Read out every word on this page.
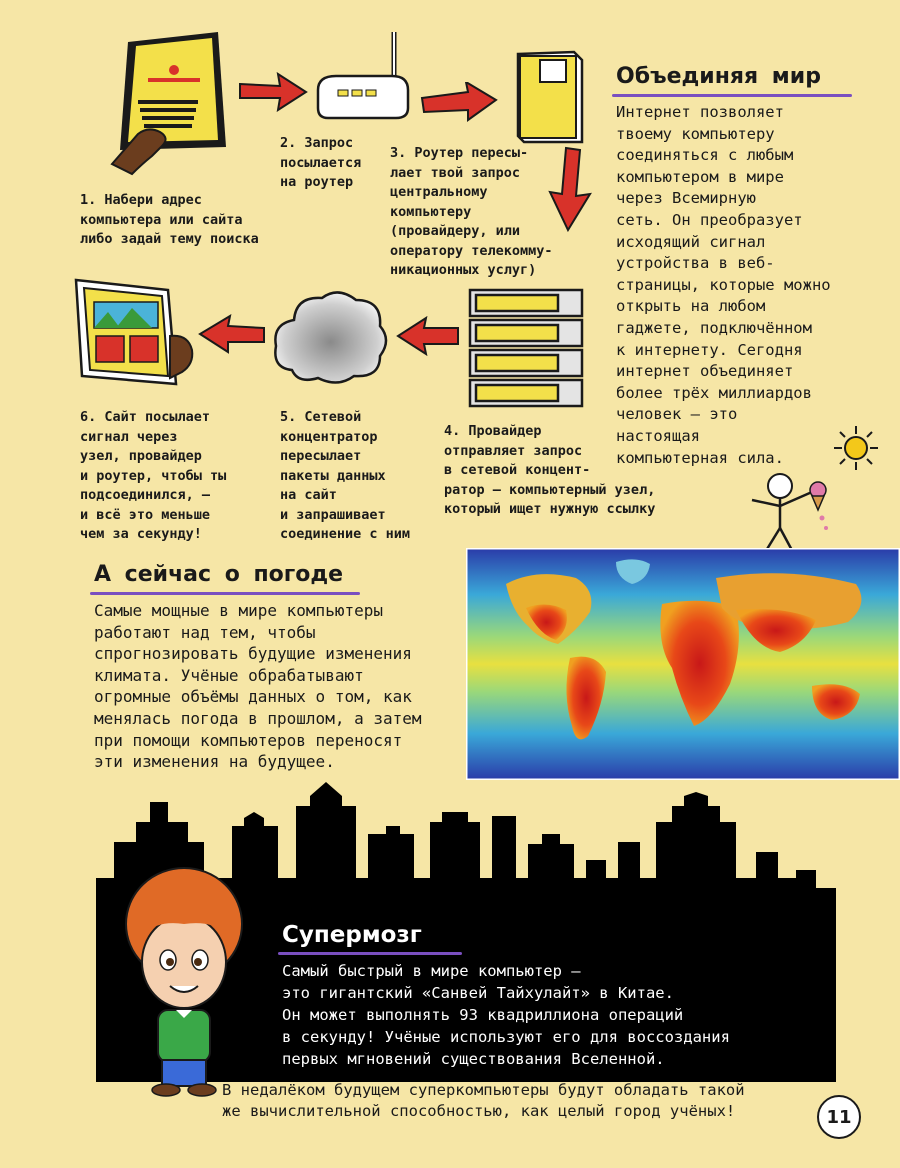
1. Набери адрес
компьютера или сайта
либо задай тему поиска
2. Запрос
посылается
на роутер
3. Роутер пересы-
лает твой запрос
центральному
компьютеру
(провайдеру, или
оператору телекомму-
никационных услуг)
4. Провайдер
отправляет запрос
в сетевой концент-
ратор — компьютерный узел,
который ищет нужную ссылку
5. Сетевой
концентратор
пересылает
пакеты данных
на сайт
и запрашивает
соединение с ним
6. Сайт посылает
сигнал через
узел, провайдер
и роутер, чтобы ты
подсоединился, —
и всё это меньше
чем за секунду!
Объединяя мир
Интернет позволяет
твоему компьютеру
соединяться с любым
компьютером в мире
через Всемирную
сеть. Он преобразует
исходящий сигнал
устройства в веб-
страницы, которые можно
открыть на любом
гаджете, подключённом
к интернету. Сегодня
интернет объединяет
более трёх миллиардов
человек — это
настоящая
компьютерная сила.
А сейчас о погоде
Самые мощные в мире компьютеры
работают над тем, чтобы
спрогнозировать будущие изменения
климата. Учёные обрабатывают
огромные объёмы данных о том, как
менялась погода в прошлом, а затем
при помощи компьютеров переносят
эти изменения на будущее.
Супермозг
Самый быстрый в мире компьютер —
это гигантский «Санвей Тайхулайт» в Китае.
Он может выполнять 93 квадриллиона операций
в секунду! Учёные используют его для воссоздания
первых мгновений существования Вселенной.
В недалёком будущем суперкомпьютеры будут обладать такой
же вычислительной способностью, как целый город учёных!	11
